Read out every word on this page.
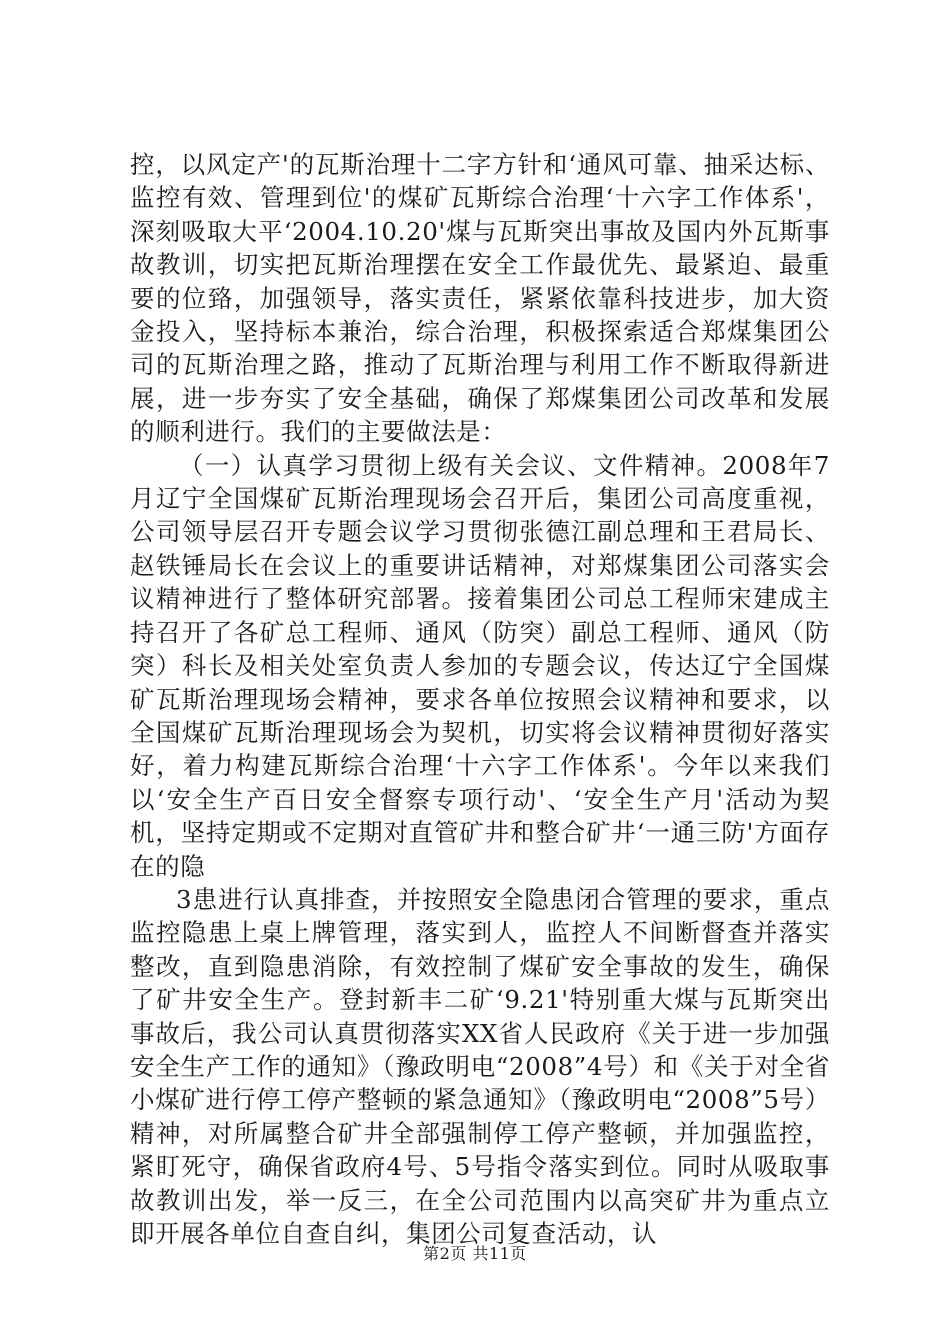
控，以风定产'的瓦斯治理十二字方针和‘通风可靠、抽采达标、监控有效、管理到位'的煤矿瓦斯综合治理‘十六字工作体系'，深刻吸取大平‘2004.10.20'煤与瓦斯突出事故及国内外瓦斯事故教训，切实把瓦斯治理摆在安全工作最优先、最紧迫、最重要的位臵，加强领导，落实责任，紧紧依靠科技进步，加大资金投入，坚持标本兼治，综合治理，积极探索适合郑煤集团公司的瓦斯治理之路，推动了瓦斯治理与利用工作不断取得新进展，进一步夯实了安全基础，确保了郑煤集团公司改革和发展的顺利进行。我们的主要做法是：

（一）认真学习贯彻上级有关会议、文件精神。2008年7月辽宁全国煤矿瓦斯治理现场会召开后，集团公司高度重视，公司领导层召开专题会议学习贯彻张德江副总理和王君局长、赵铁锤局长在会议上的重要讲话精神，对郑煤集团公司落实会议精神进行了整体研究部署。接着集团公司总工程师宋建成主持召开了各矿总工程师、通风（防突）副总工程师、通风（防突）科长及相关处室负责人参加的专题会议，传达辽宁全国煤矿瓦斯治理现场会精神，要求各单位按照会议精神和要求，以全国煤矿瓦斯治理现场会为契机，切实将会议精神贯彻好落实好，着力构建瓦斯综合治理‘十六字工作体系'。今年以来我们以‘安全生产百日安全督察专项行动'、‘安全生产月'活动为契机，坚持定期或不定期对直管矿井和整合矿井‘一通三防'方面存在的隐

3患进行认真排查，并按照安全隐患闭合管理的要求，重点监控隐患上桌上牌管理，落实到人，监控人不间断督查并落实整改，直到隐患消除，有效控制了煤矿安全事故的发生，确保了矿井安全生产。登封新丰二矿‘9.21'特别重大煤与瓦斯突出事故后，我公司认真贯彻落实XX省人民政府《关于进一步加强安全生产工作的通知》（豫政明电“2008”4号）和《关于对全省小煤矿进行停工停产整顿的紧急通知》（豫政明电“2008”5号）精神，对所属整合矿井全部强制停工停产整顿，并加强监控，紧盯死守，确保省政府4号、5号指令落实到位。同时从吸取事故教训出发，举一反三，在全公司范围内以高突矿井为重点立即开展各单位自查自纠，集团公司复查活动，认

第2页 共11页
